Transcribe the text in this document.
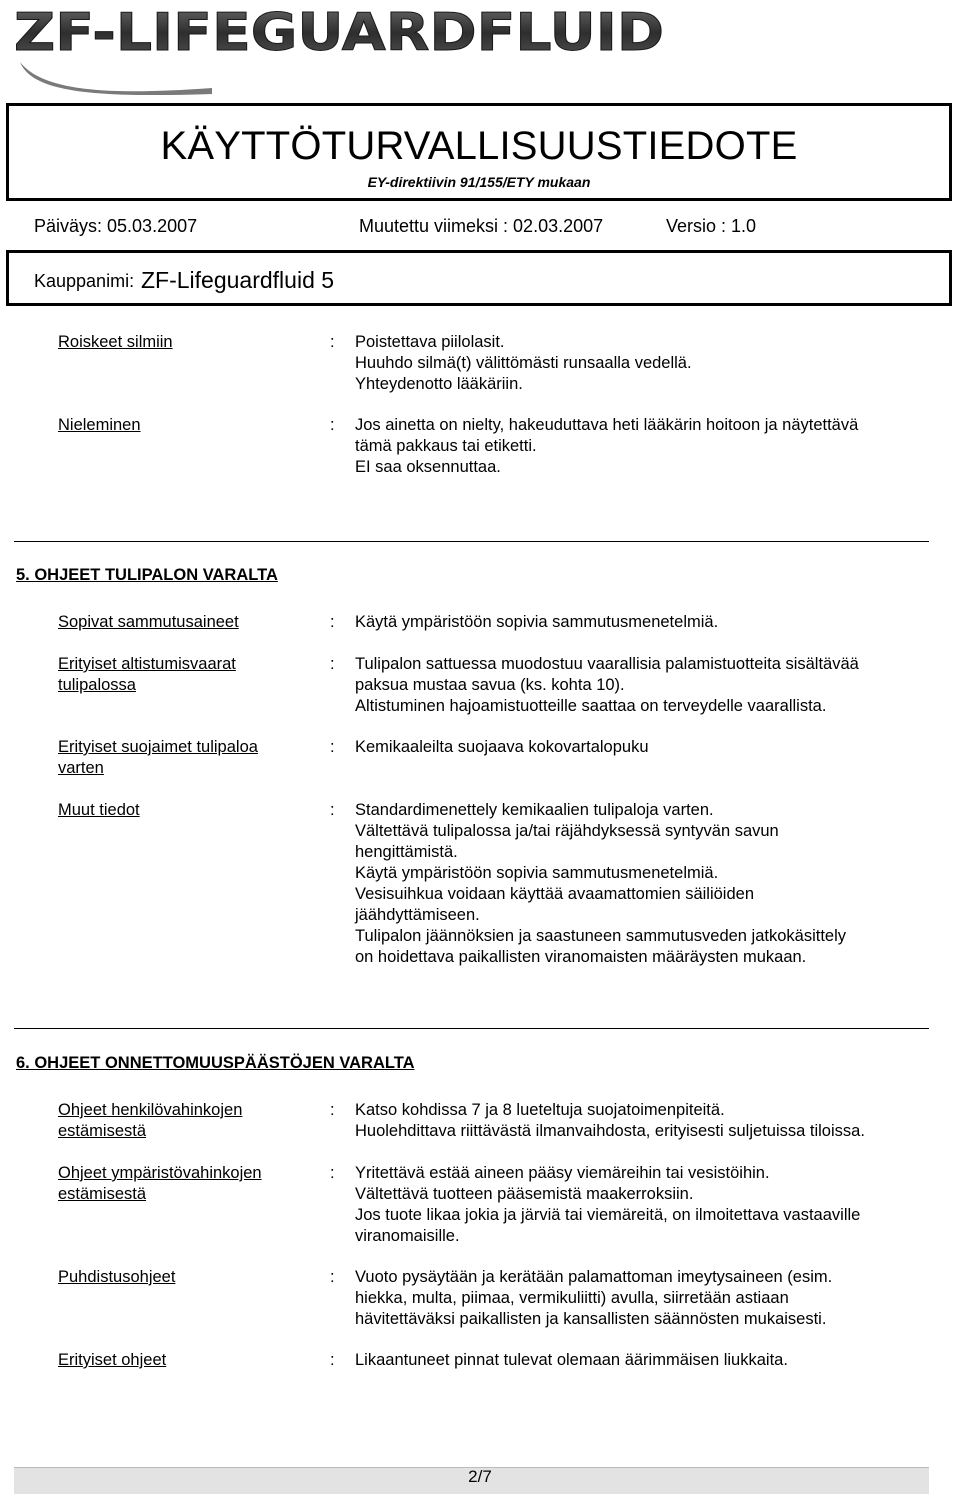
ZF-LIFEGUARDFLUID
KÄYTTÖTURVALLISUUSTIEDOTE
EY-direktiivin 91/155/ETY mukaan
Päiväys: 05.03.2007	Muutettu viimeksi : 02.03.2007	Versio : 1.0
Kauppanimi: ZF-Lifeguardfluid 5
Roiskeet silmiin	: Poistettava piilolasit.
Huuhdo silmä(t) välittömästi runsaalla vedellä.
Yhteydenotto lääkäriin.
Nieleminen	: Jos ainetta on nielty, hakeuduttava heti lääkärin hoitoon ja näytettävä
tämä pakkaus tai etiketti.
EI saa oksennuttaa.
5. OHJEET TULIPALON VARALTA
Sopivat sammutusaineet	: Käytä ympäristöön sopivia sammutusmenetelmiä.
Erityiset altistumisvaarat
tulipalossa
: Tulipalon sattuessa muodostuu vaarallisia palamistuotteita sisältävää
paksua mustaa savua (ks. kohta 10).
Altistuminen hajoamistuotteille saattaa on terveydelle vaarallista.
Erityiset suojaimet tulipaloa
varten
: Kemikaaleilta suojaava kokovartalopuku
Muut tiedot	: Standardimenettely kemikaalien tulipaloja varten.
Vältettävä tulipalossa ja/tai räjähdyksessä syntyvän savun
hengittämistä.
Käytä ympäristöön sopivia sammutusmenetelmiä.
Vesisuihkua voidaan käyttää avaamattomien säiliöiden
jäähdyttämiseen.
Tulipalon jäännöksien ja saastuneen sammutusveden jatkokäsittely
on hoidettava paikallisten viranomaisten määräysten mukaan.
6. OHJEET ONNETTOMUUSPÄÄSTÖJEN VARALTA
Ohjeet henkilövahinkojen
estämisestä
: Katso kohdissa 7 ja 8 lueteltuja suojatoimenpiteitä.
Huolehdittava riittävästä ilmanvaihdosta, erityisesti suljetuissa tiloissa.
Ohjeet ympäristövahinkojen
estämisestä
: Yritettävä estää aineen pääsy viemäreihin tai vesistöihin.
Vältettävä tuotteen pääsemistä maakerroksiin.
Jos tuote likaa jokia ja järviä tai viemäreitä, on ilmoitettava vastaaville
viranomaisille.
Puhdistusohjeet	: Vuoto pysäytään ja kerätään palamattoman imeytysaineen (esim.
hiekka, multa, piimaa, vermikuliitti) avulla, siirretään astiaan
hävitettäväksi paikallisten ja kansallisten säännösten mukaisesti.
Erityiset ohjeet	: Likaantuneet pinnat tulevat olemaan äärimmäisen liukkaita.
2/7
